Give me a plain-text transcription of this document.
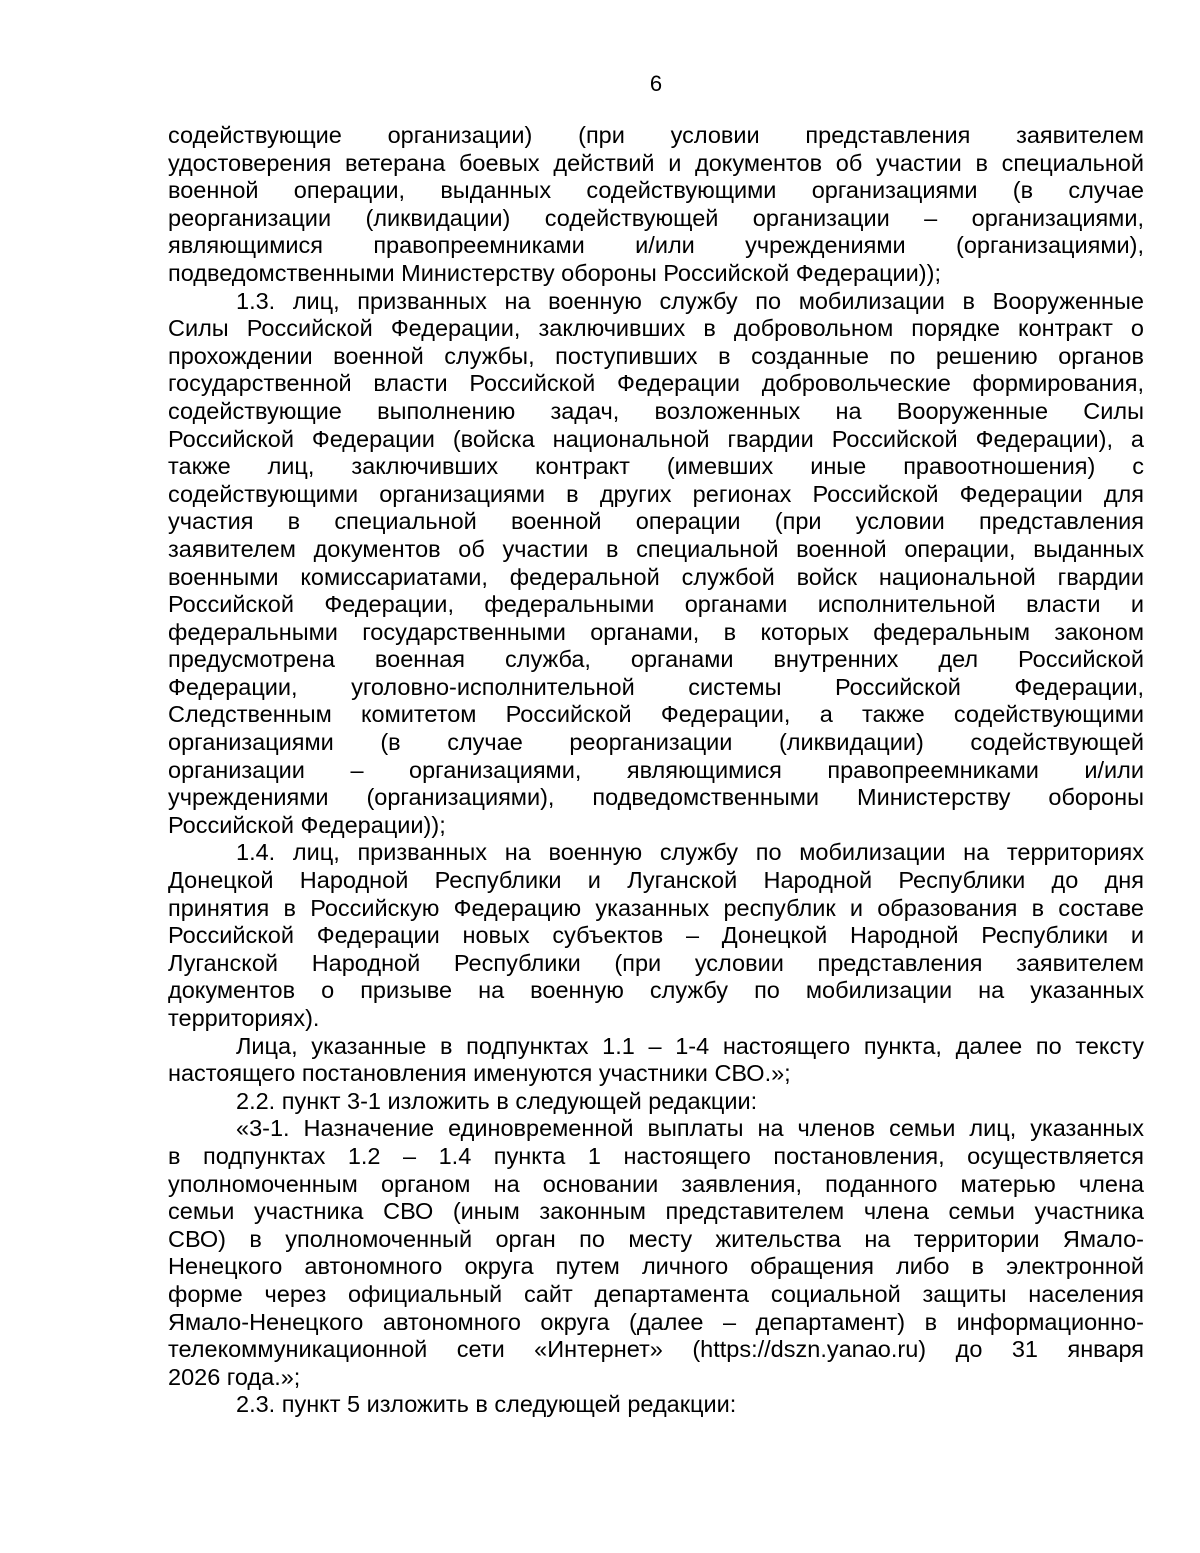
6
содействующие организации) (при условии представления заявителем
удостоверения ветерана боевых действий и документов об участии в специальной
военной операции, выданных содействующими организациями (в случае
реорганизации (ликвидации) содействующей организации – организациями,
являющимися правопреемниками и/или учреждениями (организациями),
подведомственными Министерству обороны Российской Федерации));
1.3. лиц, призванных на военную службу по мобилизации в Вооруженные
Силы Российской Федерации, заключивших в добровольном порядке контракт о
прохождении военной службы, поступивших в созданные по решению органов
государственной власти Российской Федерации добровольческие формирования,
содействующие выполнению задач, возложенных на Вооруженные Силы
Российской Федерации (войска национальной гвардии Российской Федерации), а
также лиц, заключивших контракт (имевших иные правоотношения) с
содействующими организациями в других регионах Российской Федерации для
участия в специальной военной операции (при условии представления
заявителем документов об участии в специальной военной операции, выданных
военными комиссариатами, федеральной службой войск национальной гвардии
Российской Федерации, федеральными органами исполнительной власти и
федеральными государственными органами, в которых федеральным законом
предусмотрена военная служба, органами внутренних дел Российской
Федерации, уголовно-исполнительной системы Российской Федерации,
Следственным комитетом Российской Федерации, а также содействующими
организациями (в случае реорганизации (ликвидации) содействующей
организации – организациями, являющимися правопреемниками и/или
учреждениями (организациями), подведомственными Министерству обороны
Российской Федерации));
1.4. лиц, призванных на военную службу по мобилизации на территориях
Донецкой Народной Республики и Луганской Народной Республики до дня
принятия в Российскую Федерацию указанных республик и образования в составе
Российской Федерации новых субъектов – Донецкой Народной Республики и
Луганской Народной Республики (при условии представления заявителем
документов о призыве на военную службу по мобилизации на указанных
территориях).
Лица, указанные в подпунктах 1.1 – 1-4 настоящего пункта, далее по тексту
настоящего постановления именуются участники СВО.»;
2.2. пункт 3-1 изложить в следующей редакции:
«3-1. Назначение единовременной выплаты на членов семьи лиц, указанных
в подпунктах 1.2 – 1.4 пункта 1 настоящего постановления, осуществляется
уполномоченным органом на основании заявления, поданного матерью члена
семьи участника СВО (иным законным представителем члена семьи участника
СВО) в уполномоченный орган по месту жительства на территории Ямало-
Ненецкого автономного округа путем личного обращения либо в электронной
форме через официальный сайт департамента социальной защиты населения
Ямало-Ненецкого автономного округа (далее – департамент) в информационно-
телекоммуникационной сети «Интернет» (https://dszn.yanao.ru) до 31 января
2026 года.»;
2.3. пункт 5 изложить в следующей редакции:
